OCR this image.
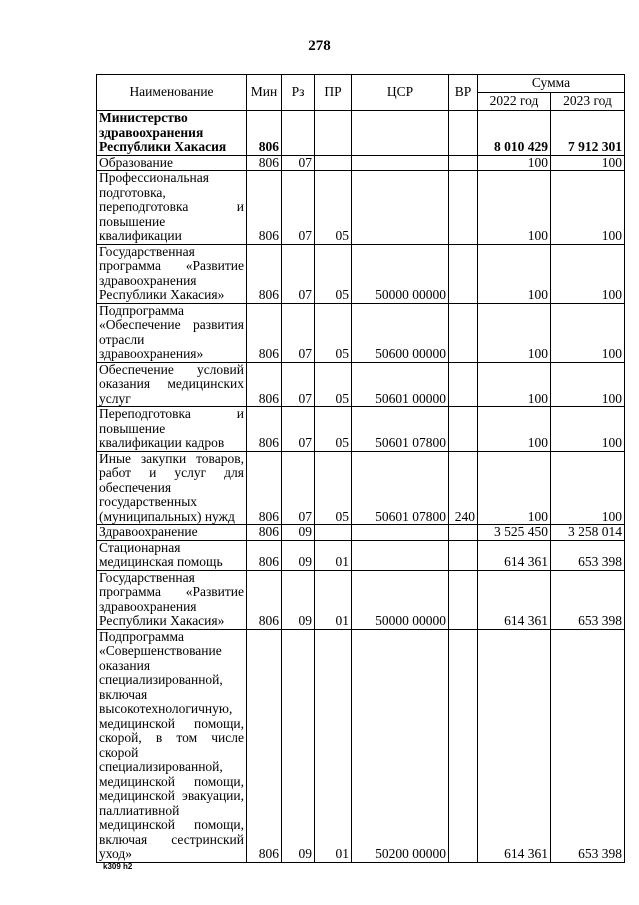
278
Наименование	Мин	Рз	ПР	ЦСР	ВР	Сумма	
						2022 год	2023 год
Министерство здравоохранения Республики Хакасия	806					8 010 429	7 912 301
Образование	806	07				100	100
Профессиональная подготовка, переподготовка и повышение квалификации	806	07	05			100	100
Государственная программа «Развитие здравоохранения Республики Хакасия»	806	07	05	50000 00000		100	100
Подпрограмма «Обеспечение развития отрасли здравоохранения»	806	07	05	50600 00000		100	100
Обеспечение условий оказания медицинских услуг	806	07	05	50601 00000		100	100
Переподготовка и повышение квалификации кадров	806	07	05	50601 07800		100	100
Иные закупки товаров, работ и услуг для обеспечения государственных (муниципальных) нужд	806	07	05	50601 07800	240	100	100
Здравоохранение	806	09				3 525 450	3 258 014
Стационарная медицинская помощь	806	09	01			614 361	653 398
Государственная программа «Развитие здравоохранения Республики Хакасия»	806	09	01	50000 00000		614 361	653 398
Подпрограмма «Совершенствование оказания специализированной, включая высокотехнологичную, медицинской помощи, скорой, в том числе скорой специализированной, медицинской помощи, медицинской эвакуации, паллиативной медицинской помощи, включая сестринский уход»	806	09	01	50200 00000		614 361	653 398
k309 h2
